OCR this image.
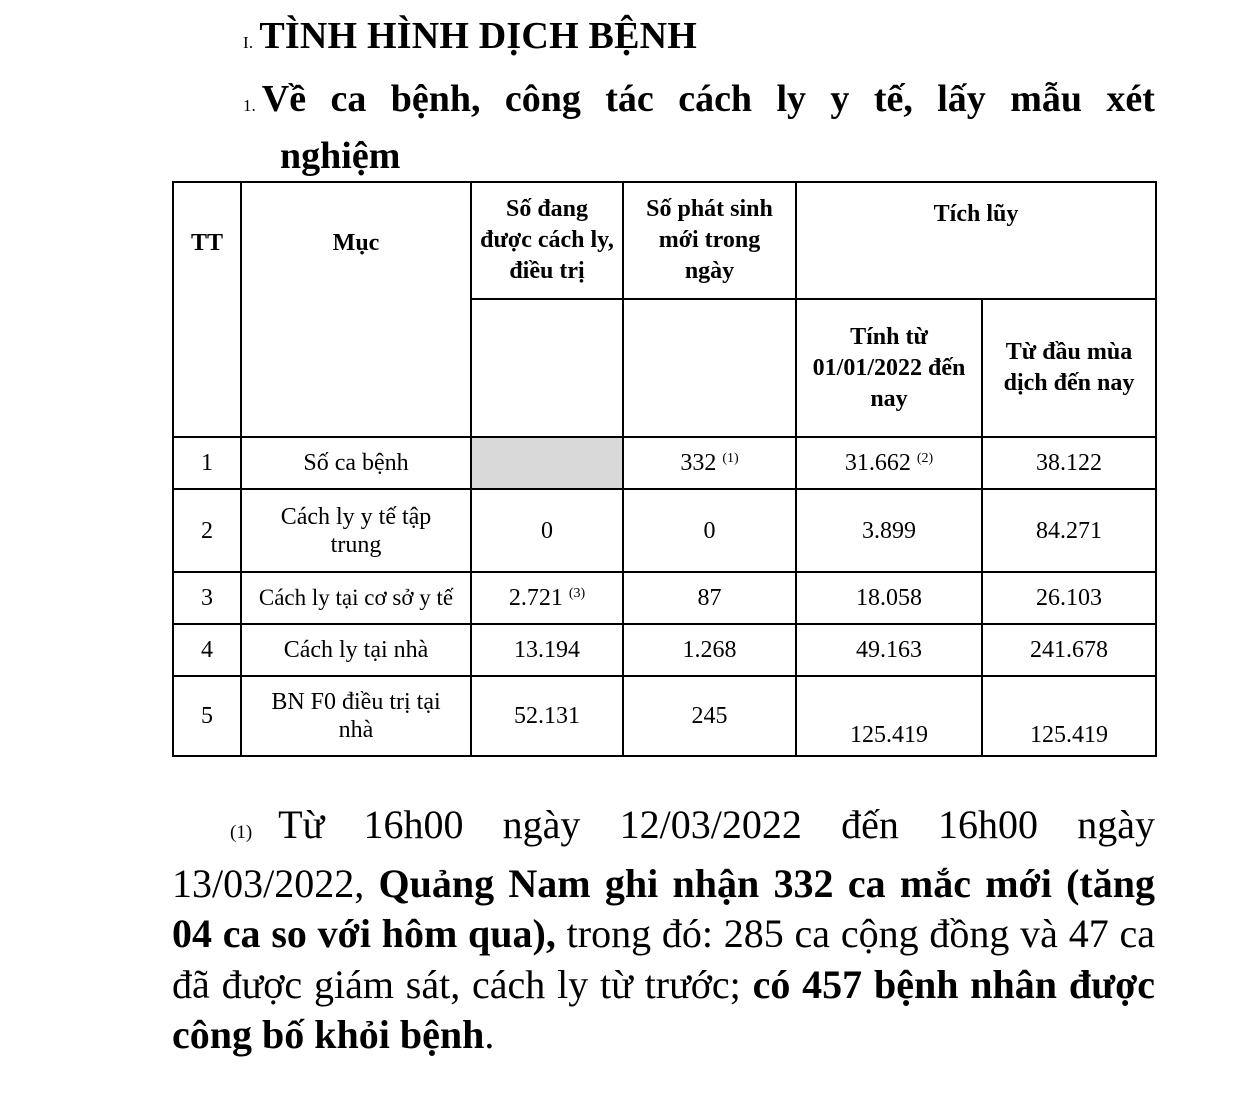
I. TÌNH HÌNH DỊCH BỆNH
1. Về ca bệnh, công tác cách ly y tế, lấy mẫu xét
nghiệm
TT	Mục	Số đang được cách ly, điều trị	Số phát sinh mới trong ngày	Tích lũy	
				Tính từ 01/01/2022 đến nay	Từ đầu mùa dịch đến nay
1	Số ca bệnh		332 $^{(1)}$	31.662 $^{(2)}$	38.122
2	Cách ly y tế tập trung	0	0	3.899	84.271
3	Cách ly tại cơ sở y tế	2.721 $^{(3)}$	87	18.058	26.103
4	Cách ly tại nhà	13.194	1.268	49.163	241.678
5	BN F0 điều trị tại nhà	52.131	245	125.419	125.419
(1) Từ 16h00 ngày 12/03/2022 đến 16h00 ngày 13/03/2022, Quảng Nam ghi nhận 332 ca mắc mới (tăng 04 ca so với hôm qua), trong đó: 285 ca cộng đồng và 47 ca đã được giám sát, cách ly từ trước; có 457 bệnh nhân được công bố khỏi bệnh.
